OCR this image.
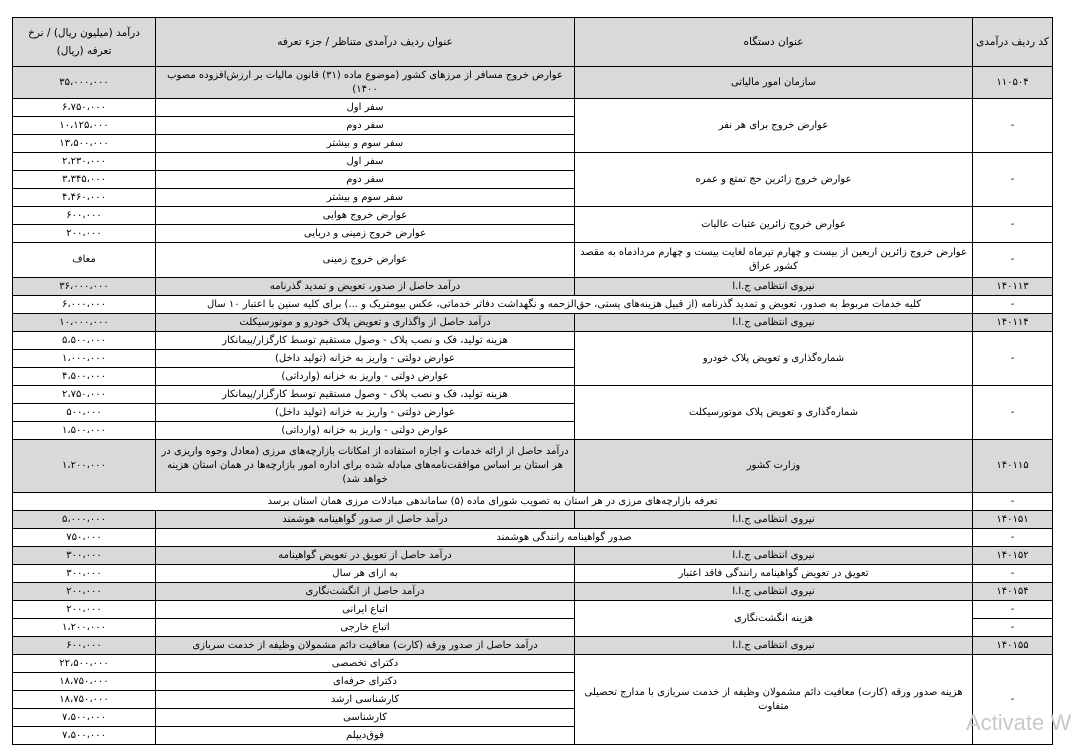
کد ردیف درآمدی	عنوان دستگاه	عنوان ردیف درآمدی متناظر / جزء تعرفه	درآمد (میلیون ریال) / نرخ تعرفه (ریال)
۱۱۰۵۰۴	سازمان امور مالیاتی	عوارض خروج مسافر از مرزهای کشور (موضوع ماده (۳۱) قانون مالیات بر ارزش‌افزوده مصوب ۱۴۰۰)	۳۵،۰۰۰،۰۰۰
-	عوارض خروج برای هر نفر	سفر اول	۶،۷۵۰،۰۰۰
		سفر دوم	۱۰،۱۲۵،۰۰۰
		سفر سوم و بیشتر	۱۳،۵۰۰،۰۰۰
-	عوارض خروج زائرین حج تمتع و عمره	سفر اول	۲،۲۳۰،۰۰۰
		سفر دوم	۳،۳۴۵،۰۰۰
		سفر سوم و بیشتر	۴،۴۶۰،۰۰۰
-	عوارض خروج زائرین عتبات عالیات	عوارض خروج هوایی	۶۰۰،۰۰۰
		عوارض خروج زمینی و دریایی	۲۰۰،۰۰۰
-	عوارض خروج زائرین اربعین از بیست و چهارم تیرماه لغایت بیست و چهارم مردادماه به مقصد کشور عراق	عوارض خروج زمینی	معاف
۱۴۰۱۱۳	نیروی انتظامی ج.ا.ا	درآمد حاصل از صدور، تعویض و تمدید گذرنامه	۳۶،۰۰۰،۰۰۰
-	کلیه خدمات مربوط به صدور، تعویض و تمدید گذرنامه (از قبیل هزینه‌های پستی، حق‌الزحمه و نگهداشت دفاتر خدماتی، عکس بیومتریک و ...) برای کلیه سنین با اعتبار ۱۰ سال		۶،۰۰۰،۰۰۰
۱۴۰۱۱۴	نیروی انتظامی ج.ا.ا	درآمد حاصل از واگذاری و تعویض پلاک خودرو و موتورسیکلت	۱۰،۰۰۰،۰۰۰
-	شماره‌گذاری و تعویض پلاک خودرو	هزینه تولید، فک و نصب پلاک - وصول مستقیم توسط کارگزار/پیمانکار	۵،۵۰۰،۰۰۰
		عوارض دولتی - واریز به خزانه (تولید داخل)	۱،۰۰۰،۰۰۰
		عوارض دولتی - واریز به خزانه (وارداتی)	۴،۵۰۰،۰۰۰
-	شماره‌گذاری و تعویض پلاک موتورسیکلت	هزینه تولید، فک و نصب پلاک - وصول مستقیم توسط کارگزار/پیمانکار	۲،۷۵۰،۰۰۰
		عوارض دولتی - واریز به خزانه (تولید داخل)	۵۰۰،۰۰۰
		عوارض دولتی - واریز به خزانه (وارداتی)	۱،۵۰۰،۰۰۰
۱۴۰۱۱۵	وزارت کشور	درآمد حاصل از ارائه خدمات و اجازه استفاده از امکانات بازارچه‌های مرزی (معادل وجوه واریزی در هر استان بر اساس موافقت‌نامه‌های مبادله شده برای اداره امور بازارچه‌ها در همان استان هزینه خواهد شد)	۱،۲۰۰،۰۰۰
-	تعرفه بازارچه‌های مرزی در هر استان به تصویب شورای ماده (۵) ساماندهی مبادلات مرزی همان استان برسد		
۱۴۰۱۵۱	نیروی انتظامی ج.ا.ا	درآمد حاصل از صدور گواهینامه هوشمند	۵،۰۰۰،۰۰۰
-	صدور گواهینامه رانندگی هوشمند		۷۵۰،۰۰۰
۱۴۰۱۵۲	نیروی انتظامی ج.ا.ا	درآمد حاصل از تعویق در تعویض گواهینامه	۳۰۰،۰۰۰
-	تعویق در تعویض گواهینامه رانندگی فاقد اعتبار	به ازای هر سال	۳۰۰،۰۰۰
۱۴۰۱۵۴	نیروی انتظامی ج.ا.ا	درآمد حاصل از انگشت‌نگاری	۲۰۰،۰۰۰
-	هزینه انگشت‌نگاری	اتباع ایرانی	۲۰۰،۰۰۰
-		اتباع خارجی	۱،۲۰۰،۰۰۰
۱۴۰۱۵۵	نیروی انتظامی ج.ا.ا	درآمد حاصل از صدور ورقه (کارت) معافیت دائم مشمولان وظیفه از خدمت سربازی	۶۰۰،۰۰۰
-	هزینه صدور ورقه (کارت) معافیت دائم مشمولان وظیفه از خدمت سربازی با مدارج تحصیلی متفاوت	دکترای تخصصی	۲۲،۵۰۰،۰۰۰
		دکترای حرفه‌ای	۱۸،۷۵۰،۰۰۰
		کارشناسی ارشد	۱۸،۷۵۰،۰۰۰
		کارشناسی	۷،۵۰۰،۰۰۰
		فوق‌دیپلم	۷،۵۰۰،۰۰۰	Activate W
